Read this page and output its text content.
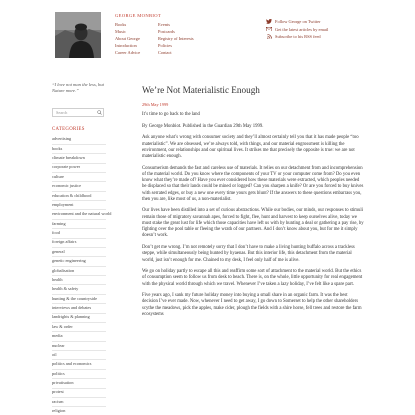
GEORGE MONBIOT
Books
Music
About George
Introduction
Career Advice
Events
Postcards
Registry of Interests
Policies
Contact
Follow George on Twitter
Get the latest articles by email
Subscribe to his RSS feed
“I love not man the less, but Nature more.”
Search
CATEGORIES
advertising
books
climate breakdown
corporate power
culture
economic justice
education & childhood
employment
environment and the natural world
farming
food
foreign affairs
general
genetic engineering
globalisation
health
health & safety
hunting & the countryside
interviews and debates
landrights & planning
law & order
media
nuclear
oil
politics and economics
politics
privatisation
protest
racism
religion
We’re Not Materialistic Enough
29th May 1999

It’s time to go back to the land

By George Monbiot. Published in the Guardian 29th May 1999.

Ask anyone what’s wrong with consumer society and they’ll almost certainly tell you that it has made people “too materialistic”. We are obsessed, we’re always told, with things, and our material engrossment is killing the environment, our relationships and our spiritual lives. It strikes me that precisely the opposite is true: we are not materialistic enough.

Consumerism demands the fast and careless use of materials. It relies on our detachment from and incomprehension of the material world. Do you know where the components of your TV or your computer come from? Do you even know what they’re made of? Have you ever considered how these materials were extracted, which peoples needed be displaced so that their lands could be mined or logged? Can you sharpen a knife? Or are you forced to buy knives with serrated edges, or buy a new one every time yours gets blunt? If the answers to these questions embarrass you, then you are, like most of us, a non-materialist.

Our lives have been distilled into a set of curious abstractions. While our bodies, our minds, our responses to stimuli remain those of migratory savannah apes, forced to fight, flee, hunt and harvest to keep ourselves alive, today we must stake the great lust for life which those capacities have left us with by hunting a deal or gathering a pay rise, by fighting over the pool table or fleeing the wrath of our partners. And I don’t know about you, but for me it simply doesn’t work.

Don’t get me wrong. I’m not remotely sorry that I don’t have to make a living hunting buffalo across a trackless steppe, while simultaneously being hunted by hyaenas. But this interior life, this detachment from the material world, just isn’t enough for me. Chained to my desk, I feel only half of me is alive.

We go on holiday partly to escape all this and reaffirm some sort of attachment to the material world. But the ethics of consumption seem to follow us from desk to beach. There is, on the whole, little opportunity for real engagement with the physical world through which we travel. Whenever I’ve taken a lazy holiday, I’ve felt like a spare part.

Five years ago, I sank my future holiday money into buying a small share in an organic farm. It was the best decision I’ve ever made. Now, whenever I need to get away, I go down to Somerset to help the other shareholders scythe the meadows, pick the apples, make cider, plough the fields with a shire horse, fell trees and restore the farm ecosystems
